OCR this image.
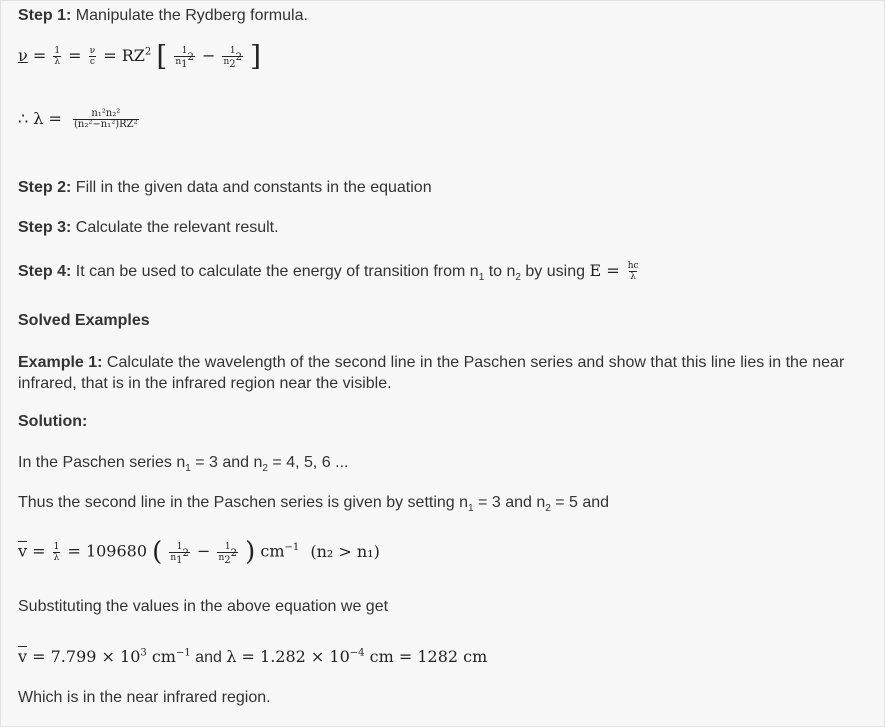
Step 1: Manipulate the Rydberg formula.
$\nu = \frac{1}{\lambda} = \frac{\nu}{c} = RZ^2$ [ $\frac{1}{n_1^2} - \frac{1}{n_2^2}$ ]
∴ $\lambda = \frac{\text{n₁²n₂²}}{\text{(n₂²−n₁²)RZ²}}$
Step 2: Fill in the given data and constants in the equation
Step 3: Calculate the relevant result.
Step 4: It can be used to calculate the energy of transition from $n_1$ to $n_2$ by using $E = \frac{hc}{\lambda}$
Solved Examples
Example 1: Calculate the wavelength of the second line in the Paschen series and show that this line lies in the near infrared, that is in the infrared region near the visible.
Solution:
In the Paschen series $n_1 = 3$ and $n_2 = 4$, 5, 6 ...
Thus the second line in the Paschen series is given by setting $n_1 = 3$ and $n_2 = 5$ and
$\overline{v} = \frac{1}{\lambda} = 109680$ ( $\frac{1}{n_1^2} - \frac{1}{n_2^2}$ ) $cm^{-1}$ (n₂ > n₁)
Substituting the values in the above equation we get
$\overline{v} = 7.799 \times 10^3$ $cm^{-1}$ and $\lambda = 1.282 \times 10^{-4}$ cm = 1282 cm
Which is in the near infrared region.
